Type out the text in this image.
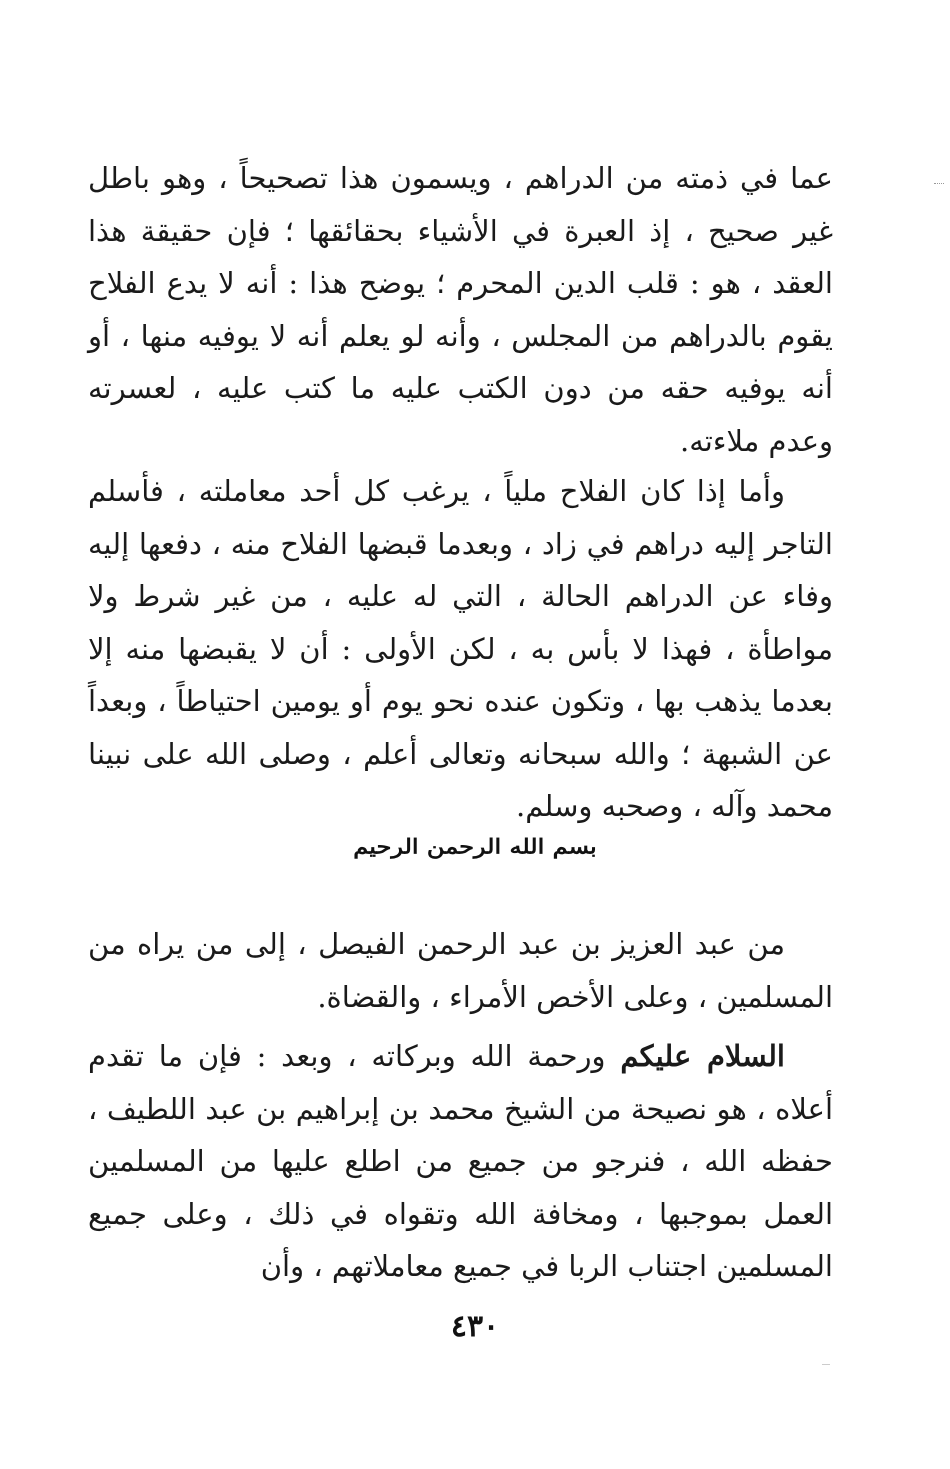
عما في ذمته من الدراهم ، ويسمون هذا تصحيحاً ، وهو باطل غير صحيح ، إذ العبرة في الأشياء بحقائقها ؛ فإن حقيقة هذا العقد ، هو : قلب الدين المحرم ؛ يوضح هذا : أنه لا يدع الفلاح يقوم بالدراهم من المجلس ، وأنه لو يعلم أنه لا يوفيه منها ، أو أنه يوفيه حقه من دون الكتب عليه ما كتب عليه ، لعسرته وعدم ملاءته.

وأما إذا كان الفلاح ملياً ، يرغب كل أحد معاملته ، فأسلم التاجر إليه دراهم في زاد ، وبعدما قبضها الفلاح منه ، دفعها إليه وفاء عن الدراهم الحالة ، التي له عليه ، من غير شرط ولا مواطأة ، فهذا لا بأس به ، لكن الأولى : أن لا يقبضها منه إلا بعدما يذهب بها ، وتكون عنده نحو يوم أو يومين احتياطاً ، وبعداً عن الشبهة ؛ والله سبحانه وتعالى أعلم ، وصلى الله على نبينا محمد وآله ، وصحبه وسلم.

بسم الله الرحمن الرحيم

من عبد العزيز بن عبد الرحمن الفيصل ، إلى من يراه من المسلمين ، وعلى الأخص الأمراء ، والقضاة.

السلام عليكم ورحمة الله وبركاته ، وبعد : فإن ما تقدم أعلاه ، هو نصيحة من الشيخ محمد بن إبراهيم بن عبد اللطيف ، حفظه الله ، فنرجو من جميع من اطلع عليها من المسلمين العمل بموجبها ، ومخافة الله وتقواه في ذلك ، وعلى جميع المسلمين اجتناب الربا في جميع معاملاتهم ، وأن

٤٣٠
